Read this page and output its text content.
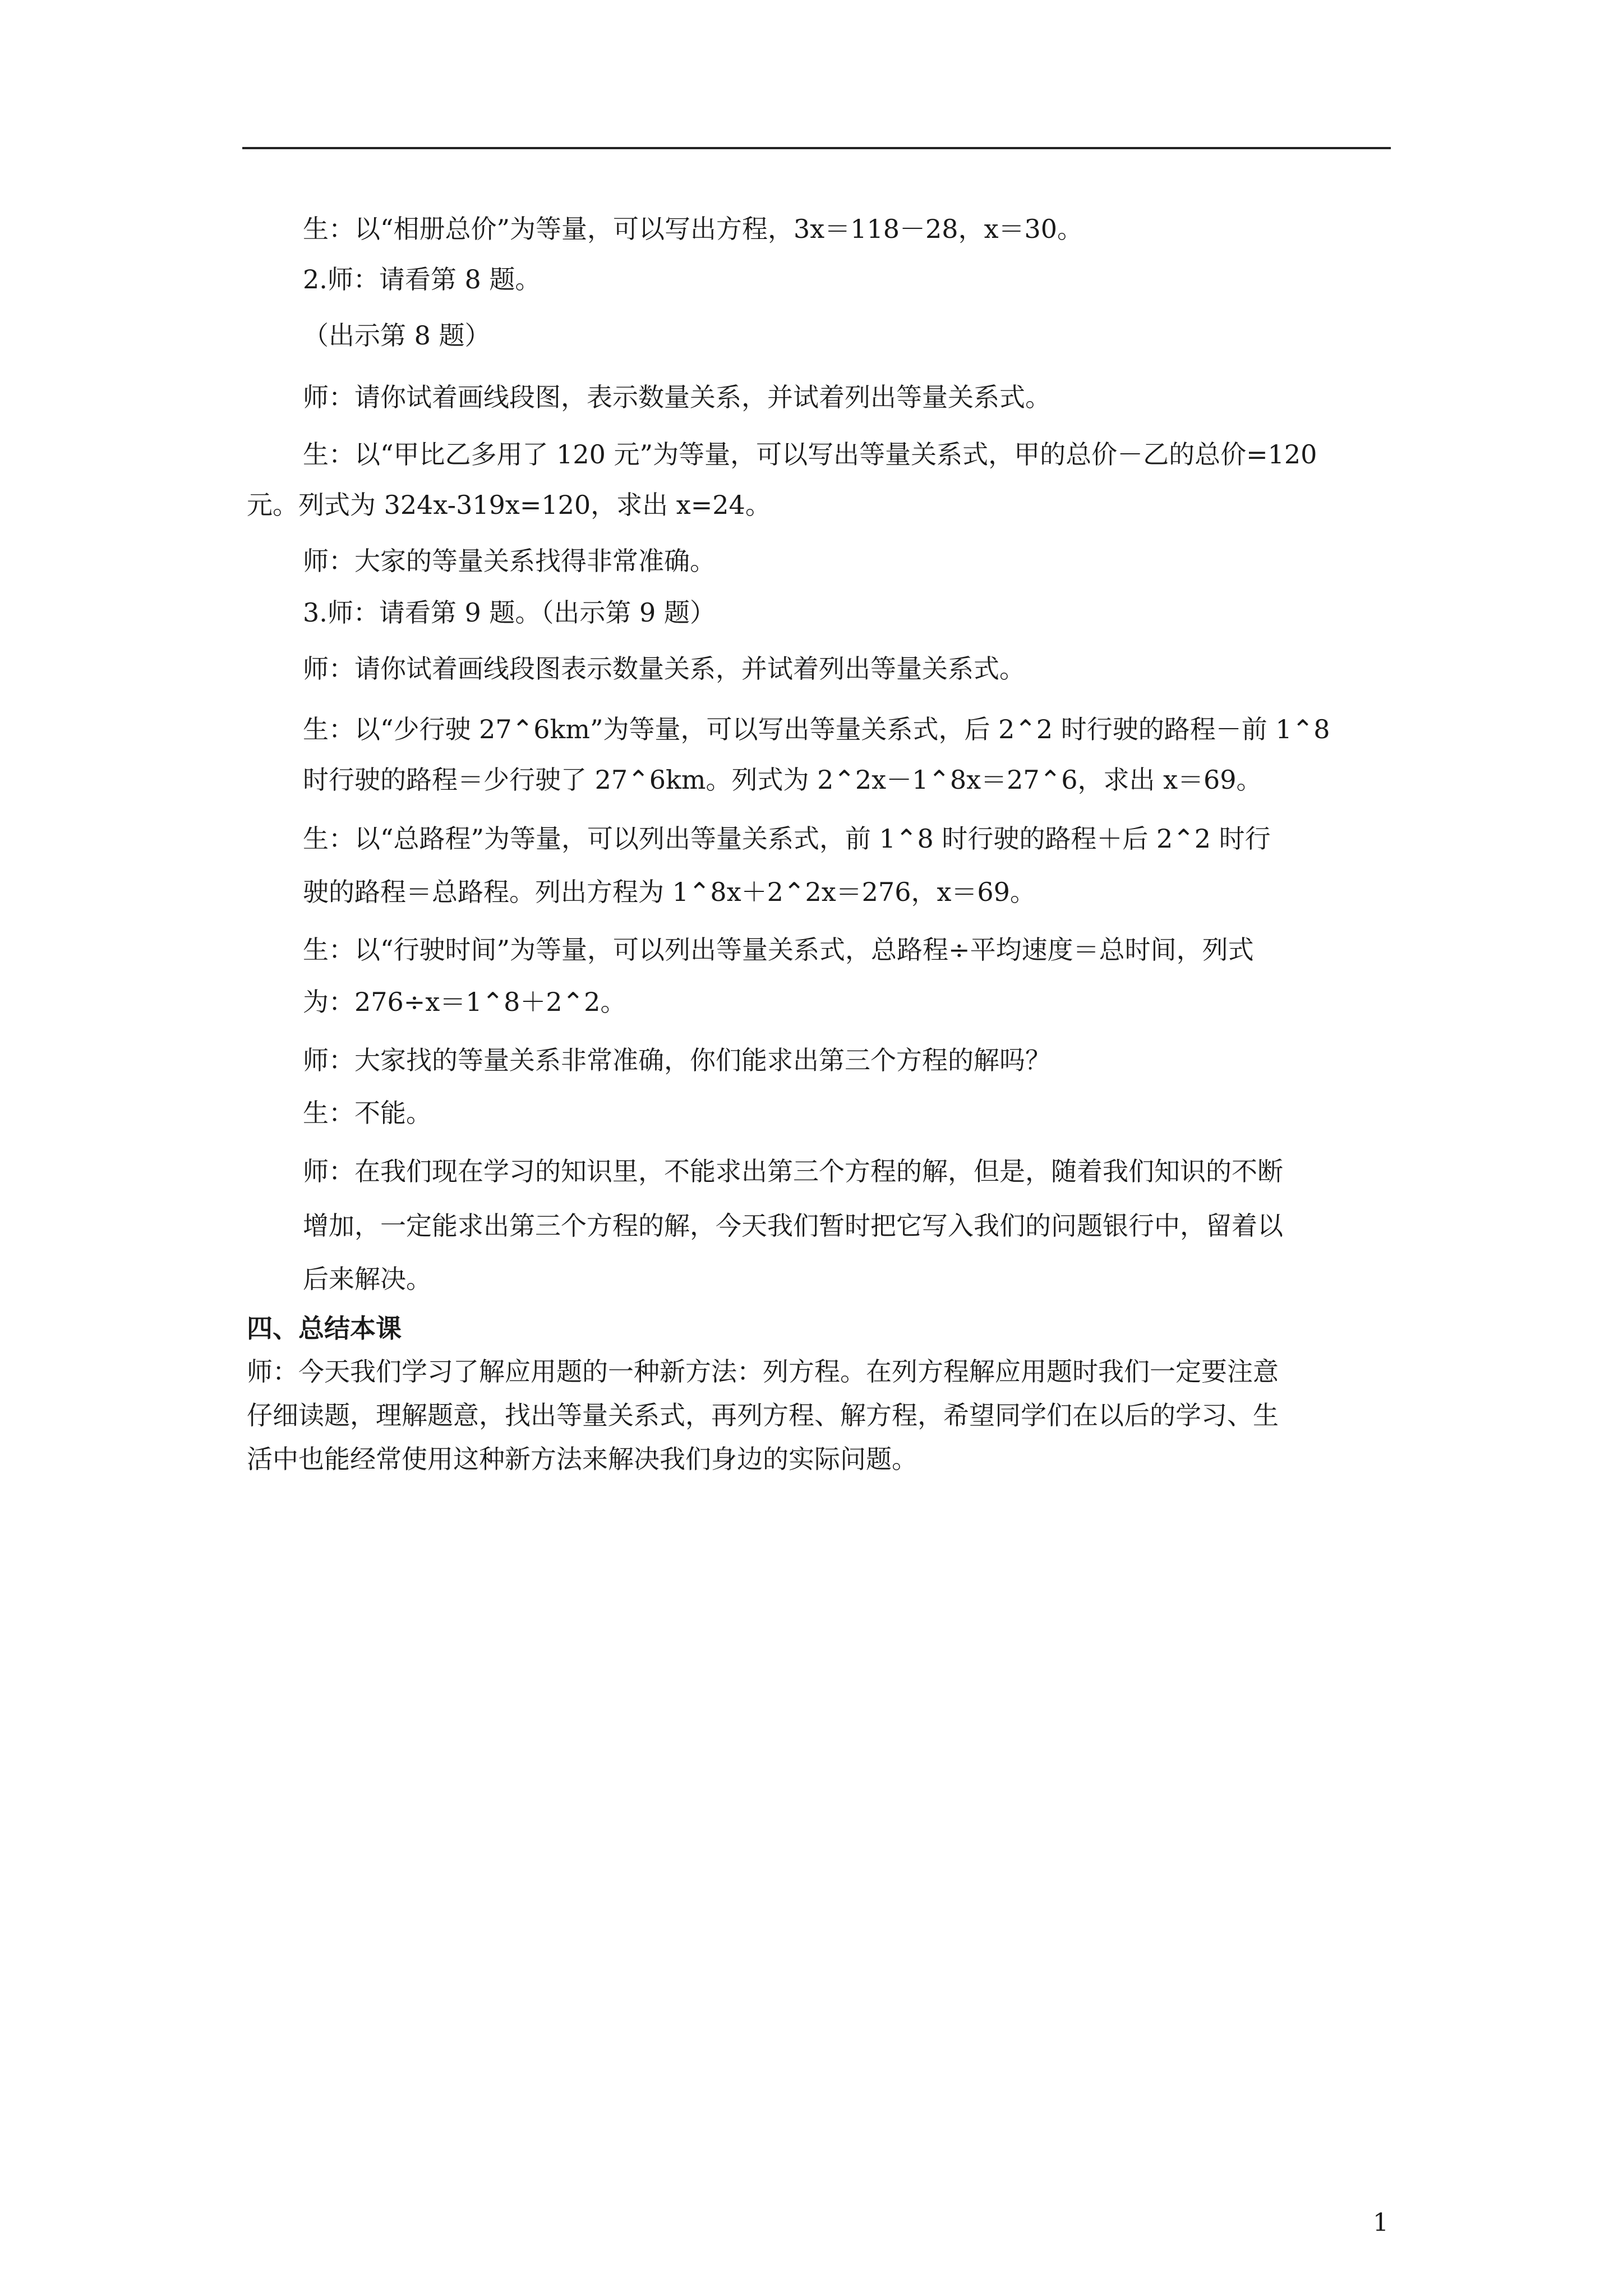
生：以“相册总价”为等量，可以写出方程，3x＝118－28，x＝30。

2.师：请看第 8 题。

（出示第 8 题）

师：请你试着画线段图，表示数量关系，并试着列出等量关系式。

生：以“甲比乙多用了 120 元”为等量，可以写出等量关系式，甲的总价－乙的总价=120

元。列式为 324x-319x=120，求出 x=24。

师：大家的等量关系找得非常准确。

3.师：请看第 9 题。（出示第 9 题）

师：请你试着画线段图表示数量关系，并试着列出等量关系式。

生：以“少行驶 27⌃6km”为等量，可以写出等量关系式，后 2⌃2 时行驶的路程－前 1⌃8

时行驶的路程＝少行驶了 27⌃6km。列式为 2⌃2x－1⌃8x＝27⌃6，求出 x＝69。

生：以“总路程”为等量，可以列出等量关系式，前 1⌃8 时行驶的路程＋后 2⌃2 时行

驶的路程＝总路程。列出方程为 1⌃8x＋2⌃2x＝276，x＝69。

生：以“行驶时间”为等量，可以列出等量关系式，总路程÷平均速度＝总时间，列式

为：276÷x＝1⌃8＋2⌃2。

师：大家找的等量关系非常准确，你们能求出第三个方程的解吗？

生：不能。

师：在我们现在学习的知识里，不能求出第三个方程的解，但是，随着我们知识的不断

增加，一定能求出第三个方程的解，今天我们暂时把它写入我们的问题银行中，留着以

后来解决。

四、总结本课

师：今天我们学习了解应用题的一种新方法：列方程。在列方程解应用题时我们一定要注意

仔细读题，理解题意，找出等量关系式，再列方程、解方程，希望同学们在以后的学习、生

活中也能经常使用这种新方法来解决我们身边的实际问题。

1
